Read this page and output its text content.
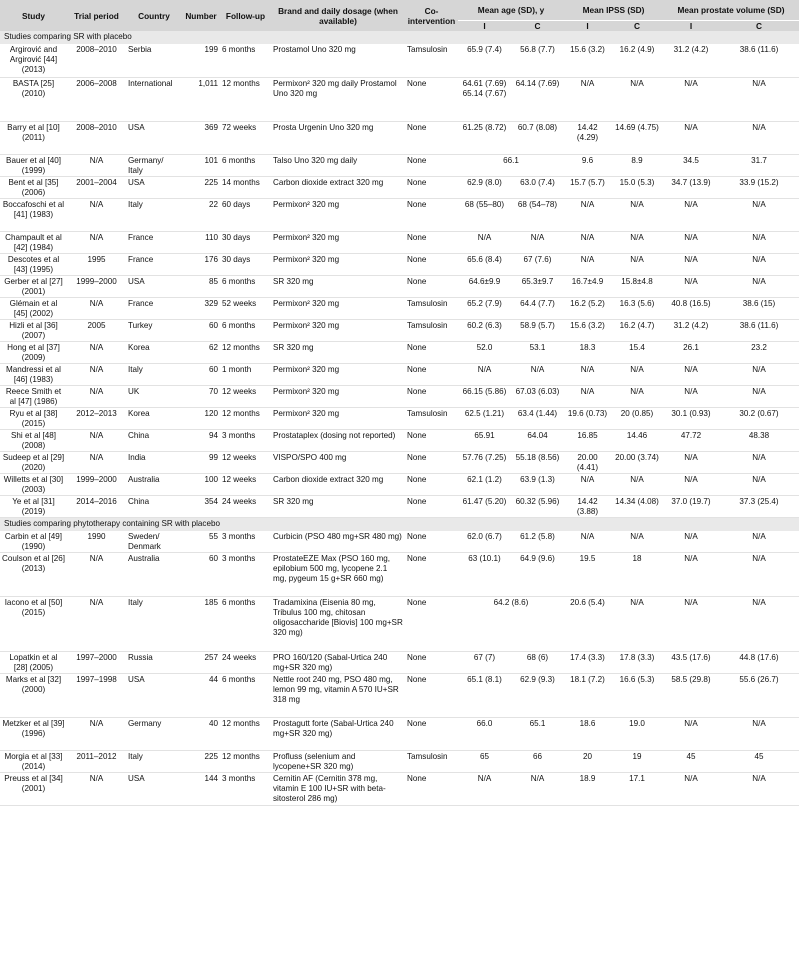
Study	Trial period	Country	Number	Follow-up	Brand and daily dosage (when available)	Co-intervention	Mean age (SD), y		Mean IPSS (SD)		Mean prostate volume (SD)	
							I	C	I	C	I	C
Studies comparing SR with placebo												
Argirović and Argirović [44] (2013)	2008–2010	Serbia	199	6 months	Prostamol Uno 320 mg	Tamsulosin	65.9 (7.4)	56.8 (7.7)	15.6 (3.2)	16.2 (4.9)	31.2 (4.2)	38.6 (11.6)
BASTA [25] (2010)	2006–2008	International	1,011	12 months	Permixon² 320 mg daily Prostamol Uno 320 mg	None	64.61 (7.69) 65.14 (7.67)	64.14 (7.69)	N/A	N/A	N/A	N/A
Barry et al [10] (2011)	2008–2010	USA	369	72 weeks	Prosta Urgenin Uno 320 mg	None	61.25 (8.72)	60.7 (8.08)	14.42 (4.29)	14.69 (4.75)	N/A	N/A
Bauer et al [40] (1999)	N/A	Germany/ Italy	101	6 months	Talso Uno 320 mg daily	None	66.1		9.6	8.9	34.5	31.7
Bent et al [35] (2006)	2001–2004	USA	225	14 months	Carbon dioxide extract 320 mg	None	62.9 (8.0)	63.0 (7.4)	15.7 (5.7)	15.0 (5.3)	34.7 (13.9)	33.9 (15.2)
Boccafoschi et al [41] (1983)	N/A	Italy	22	60 days	Permixon² 320 mg	None	68 (55–80)	68 (54–78)	N/A	N/A	N/A	N/A
Champault et al [42] (1984)	N/A	France	110	30 days	Permixon² 320 mg	None	N/A	N/A	N/A	N/A	N/A	N/A
Descotes et al [43] (1995)	1995	France	176	30 days	Permixon² 320 mg	None	65.6 (8.4)	67 (7.6)	N/A	N/A	N/A	N/A
Gerber et al [27] (2001)	1999–2000	USA	85	6 months	SR 320 mg	None	64.6±9.9	65.3±9.7	16.7±4.9	15.8±4.8	N/A	N/A
Glémain et al [45] (2002)	N/A	France	329	52 weeks	Permixon² 320 mg	Tamsulosin	65.2 (7.9)	64.4 (7.7)	16.2 (5.2)	16.3 (5.6)	40.8 (16.5)	38.6 (15)
Hizli et al [36] (2007)	2005	Turkey	60	6 months	Permixon² 320 mg	Tamsulosin	60.2 (6.3)	58.9 (5.7)	15.6 (3.2)	16.2 (4.7)	31.2 (4.2)	38.6 (11.6)
Hong et al [37] (2009)	N/A	Korea	62	12 months	SR 320 mg	None	52.0	53.1	18.3	15.4	26.1	23.2
Mandressi et al [46] (1983)	N/A	Italy	60	1 month	Permixon² 320 mg	None	N/A	N/A	N/A	N/A	N/A	N/A
Reece Smith et al [47] (1986)	N/A	UK	70	12 weeks	Permixon² 320 mg	None	66.15 (5.86)	67.03 (6.03)	N/A	N/A	N/A	N/A
Ryu et al [38] (2015)	2012–2013	Korea	120	12 months	Permixon² 320 mg	Tamsulosin	62.5 (1.21)	63.4 (1.44)	19.6 (0.73)	20 (0.85)	30.1 (0.93)	30.2 (0.67)
Shi et al [48] (2008)	N/A	China	94	3 months	Prostataplex (dosing not reported)	None	65.91	64.04	16.85	14.46	47.72	48.38
Sudeep et al [29] (2020)	N/A	India	99	12 weeks	VISPO/SPO 400 mg	None	57.76 (7.25)	55.18 (8.56)	20.00 (4.41)	20.00 (3.74)	N/A	N/A
Willetts et al [30] (2003)	1999–2000	Australia	100	12 weeks	Carbon dioxide extract 320 mg	None	62.1 (1.2)	63.9 (1.3)	N/A	N/A	N/A	N/A
Ye et al [31] (2019)	2014–2016	China	354	24 weeks	SR 320 mg	None	61.47 (5.20)	60.32 (5.96)	14.42 (3.88)	14.34 (4.08)	37.0 (19.7)	37.3 (25.4)
Studies comparing phytotherapy containing SR with placebo												
Carbin et al [49] (1990)	1990	Sweden/ Denmark	55	3 months	Curbicin (PSO 480 mg+SR 480 mg)	None	62.0 (6.7)	61.2 (5.8)	N/A	N/A	N/A	N/A
Coulson et al [26] (2013)	N/A	Australia	60	3 months	ProstateEZE Max (PSO 160 mg, epilobium 500 mg, lycopene 2.1 mg, pygeum 15 g+SR 660 mg)	None	63 (10.1)	64.9 (9.6)	19.5	18	N/A	N/A
Iacono et al [50] (2015)	N/A	Italy	185	6 months	Tradamixina (Eisenia 80 mg, Tribulus 100 mg, chitosan oligosaccharide [Biovis] 100 mg+SR 320 mg)	None	64.2 (8.6)		20.6 (5.4)	N/A	N/A	N/A
Lopatkin et al [28] (2005)	1997–2000	Russia	257	24 weeks	PRO 160/120 (Sabal-Urtica 240 mg+SR 320 mg)	None	67 (7)	68 (6)	17.4 (3.3)	17.8 (3.3)	43.5 (17.6)	44.8 (17.6)
Marks et al [32] (2000)	1997–1998	USA	44	6 months	Nettle root 240 mg, PSO 480 mg, lemon 99 mg, vitamin A 570 IU+SR 318 mg	None	65.1 (8.1)	62.9 (9.3)	18.1 (7.2)	16.6 (5.3)	58.5 (29.8)	55.6 (26.7)
Metzker et al [39] (1996)	N/A	Germany	40	12 months	Prostagutt forte (Sabal-Urtica 240 mg+SR 320 mg)	None	66.0	65.1	18.6	19.0	N/A	N/A
Morgia et al [33] (2014)	2011–2012	Italy	225	12 months	Profluss (selenium and lycopene+SR 320 mg)	Tamsulosin	65	66	20	19	45	45
Preuss et al [34] (2001)	N/A	USA	144	3 months	Cernitin AF (Cernitin 378 mg, vitamin E 100 IU+SR with beta-sitosterol 286 mg)	None	N/A	N/A	18.9	17.1	N/A	N/A
